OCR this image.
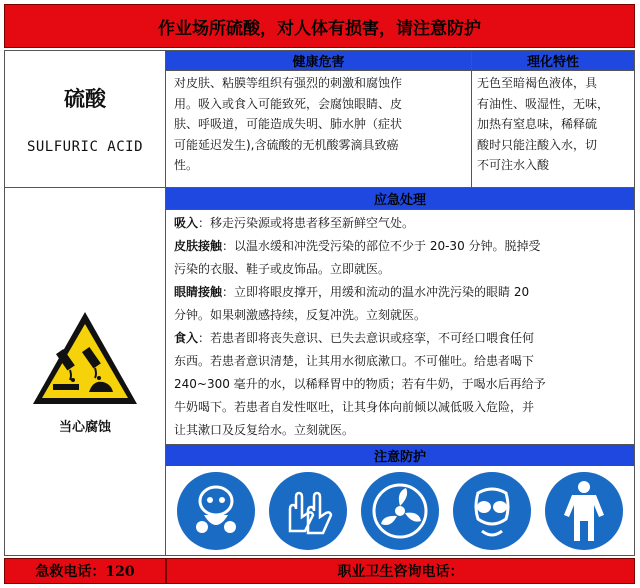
作业场所硫酸，对人体有损害，请注意防护
硫酸
SULFURIC ACID
健康危害	理化特性
对皮肤、粘膜等组织有强烈的刺激和腐蚀作
用。吸入或食入可能致死，会腐蚀眼睛、皮
肤、呼吸道，可能造成失明、肺水肿（症状
可能延迟发生),含硫酸的无机酸雾滴具致癌
性。
无色至暗褐色液体，具
有油性、吸湿性，无味，
加热有窒息味，稀释硫
酸时只能注酸入水，切
不可注水入酸
当心腐蚀
应急处理
吸入：移走污染源或将患者移至新鲜空气处。
皮肤接触：以温水缓和冲洗受污染的部位不少于 20-30 分钟。脱掉受
污染的衣服、鞋子或皮饰品。立即就医。
眼睛接触：立即将眼皮撑开，用缓和流动的温水冲洗污染的眼睛 20
分钟。如果刺激感持续，反复冲洗。立刻就医。
食入：若患者即将丧失意识、已失去意识或痉挛，不可经口喂食任何
东西。若患者意识清楚，让其用水彻底漱口。不可催吐。给患者喝下
240~300 毫升的水，以稀释胃中的物质；若有牛奶，于喝水后再给予
牛奶喝下。若患者自发性呕吐，让其身体向前倾以减低吸入危险，并
让其漱口及反复给水。立刻就医。
注意防护
急救电话：120	职业卫生咨询电话：
